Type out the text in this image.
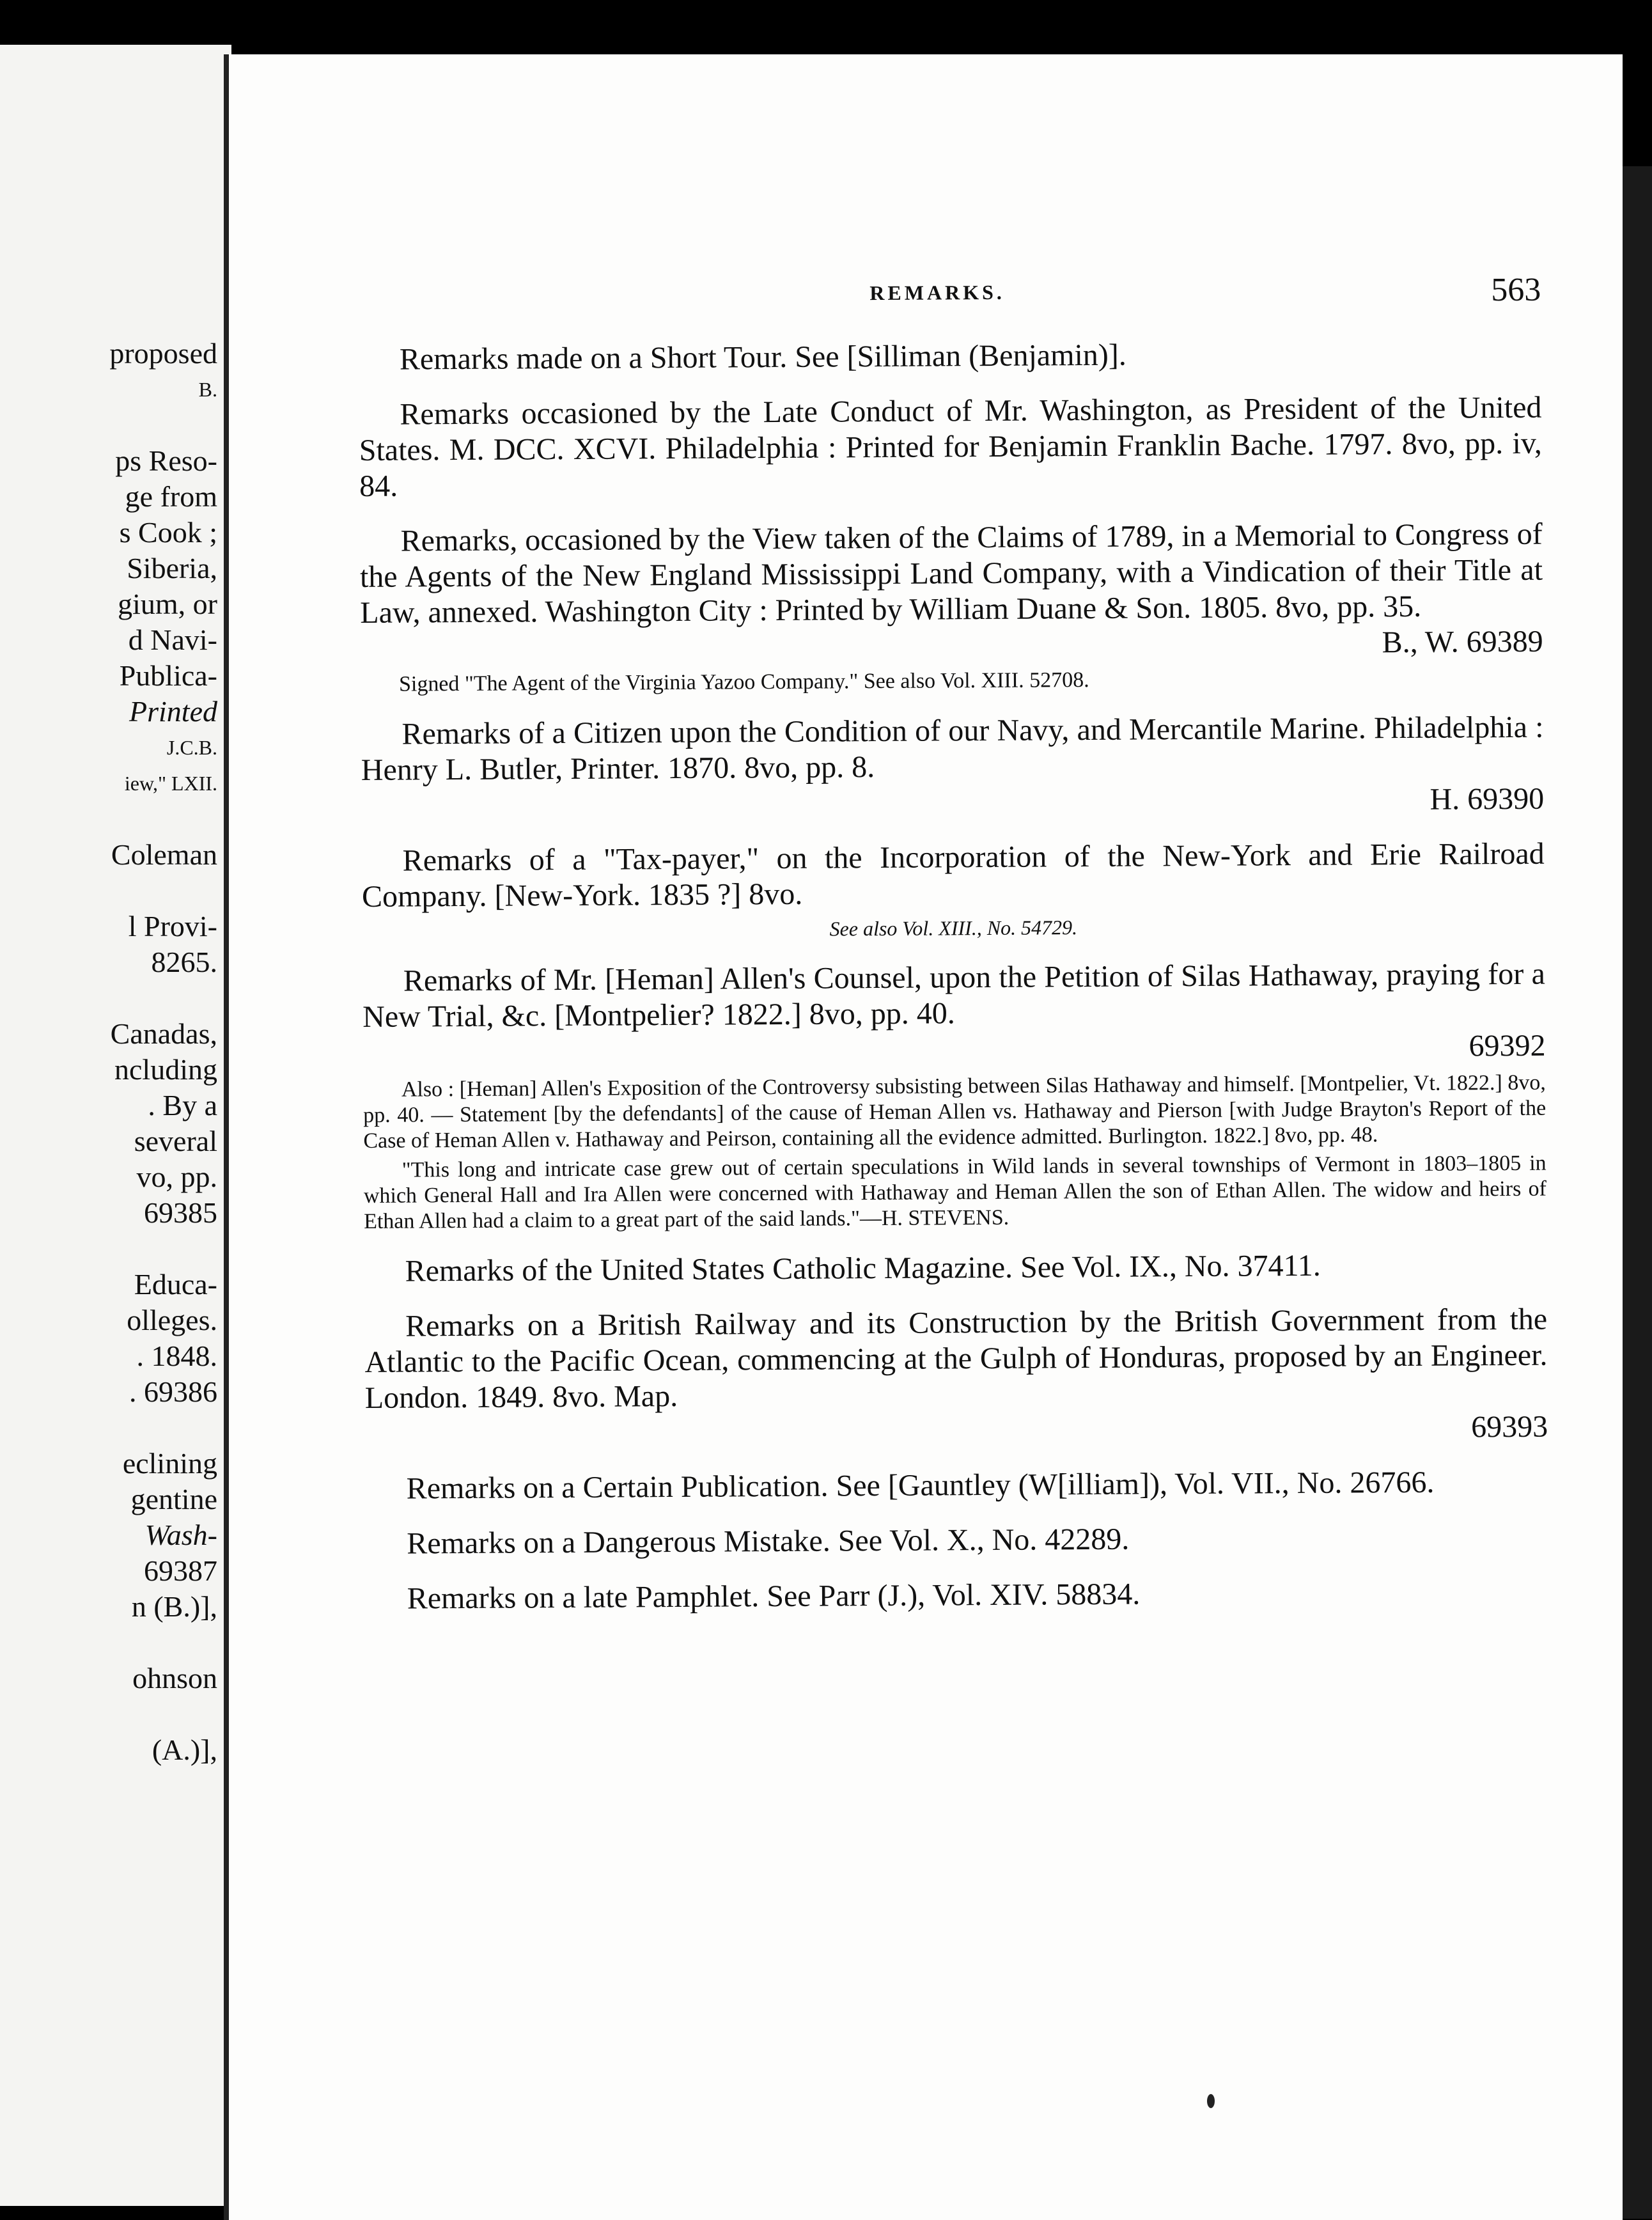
proposed
B.
ps Reso-
ge from
s Cook ;
Siberia,
gium, or
d Navi-
Publica-
Printed
J.C.B.
iew," LXII.
Coleman
l Provi-
8265.
Canadas,
ncluding
. By a
several
vo, pp.
69385
Educa-
olleges.
. 1848.
. 69386
eclining
gentine
Wash-
69387
n (B.)],
ohnson
(A.)],
REMARKS.	563

Remarks made on a Short Tour. See [Silliman (Benjamin)].

Remarks occasioned by the Late Conduct of Mr. Washington, as President of the United States. M. DCC. XCVI. Philadelphia : Printed for Benjamin Franklin Bache. 1797. 8vo, pp. iv, 84.

Remarks, occasioned by the View taken of the Claims of 1789, in a Memorial to Congress of the Agents of the New England Mississippi Land Company, with a Vindication of their Title at Law, annexed. Washington City : Printed by William Duane & Son. 1805. 8vo, pp. 35.

B., W. 69389

Signed "The Agent of the Virginia Yazoo Company." See also Vol. XIII. 52708.

Remarks of a Citizen upon the Condition of our Navy, and Mercantile Marine. Philadelphia : Henry L. Butler, Printer. 1870. 8vo, pp. 8.

H. 69390

Remarks of a "Tax-payer," on the Incorporation of the New-York and Erie Railroad Company. [New-York. 1835 ?] 8vo.

See also Vol. XIII., No. 54729.

Remarks of Mr. [Heman] Allen's Counsel, upon the Petition of Silas Hathaway, praying for a New Trial, &c. [Montpelier? 1822.] 8vo, pp. 40.

69392

Also : [Heman] Allen's Exposition of the Controversy subsisting between Silas Hathaway and himself. [Montpelier, Vt. 1822.] 8vo, pp. 40. — Statement [by the defendants] of the cause of Heman Allen vs. Hathaway and Pierson [with Judge Brayton's Report of the Case of Heman Allen v. Hathaway and Peirson, containing all the evidence admitted. Burlington. 1822.] 8vo, pp. 48.

"This long and intricate case grew out of certain speculations in Wild lands in several townships of Vermont in 1803–1805 in which General Hall and Ira Allen were concerned with Hathaway and Heman Allen the son of Ethan Allen. The widow and heirs of Ethan Allen had a claim to a great part of the said lands."—H. STEVENS.

Remarks of the United States Catholic Magazine. See Vol. IX., No. 37411.

Remarks on a British Railway and its Construction by the British Government from the Atlantic to the Pacific Ocean, commencing at the Gulph of Honduras, proposed by an Engineer. London. 1849. 8vo. Map.

69393

Remarks on a Certain Publication. See [Gauntley (W[illiam]), Vol. VII., No. 26766.

Remarks on a Dangerous Mistake. See Vol. X., No. 42289.

Remarks on a late Pamphlet. See Parr (J.), Vol. XIV. 58834.
